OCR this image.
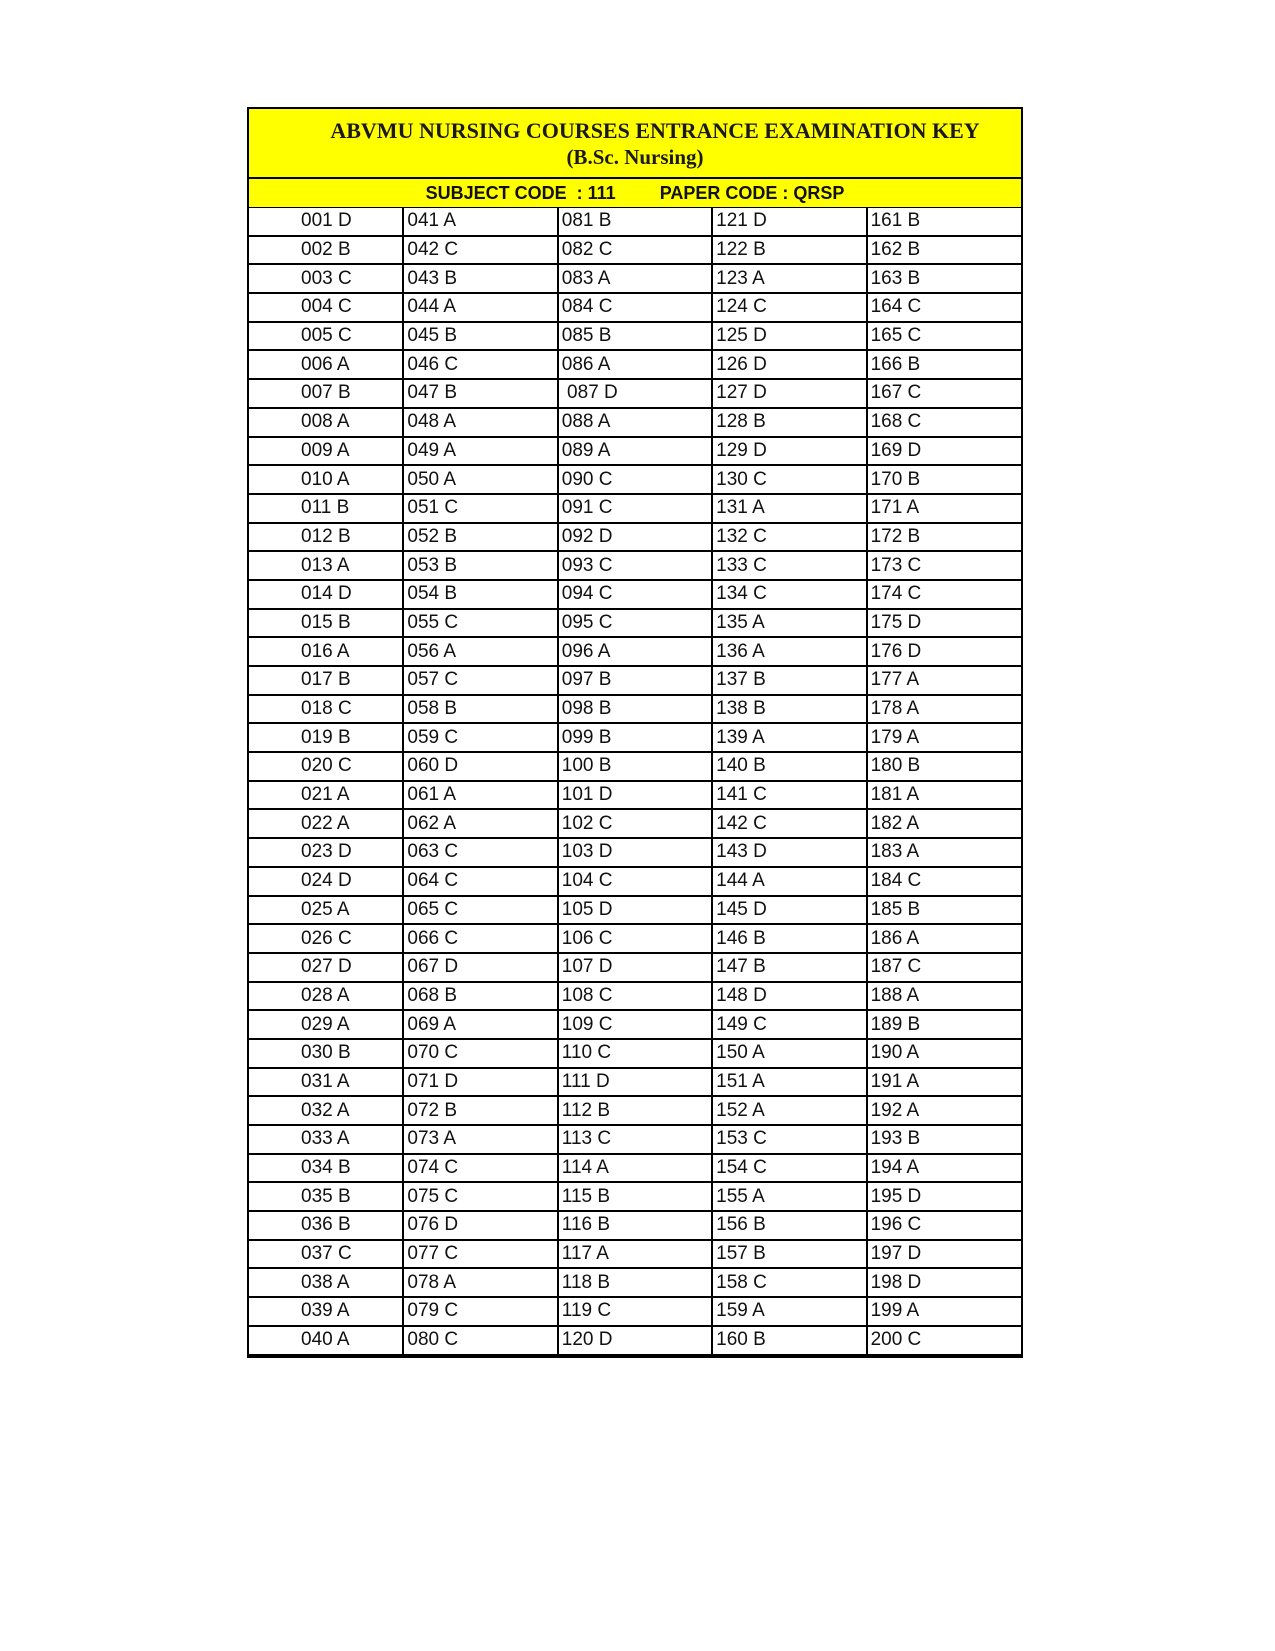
ABVMU NURSING COURSES ENTRANCE EXAMINATION KEY
(B.Sc. Nursing)
SUBJECT CODE  : 111 PAPER CODE : QRSP
001 D	041 A	081 B	121 D	161 B
002 B	042 C	082 C	122 B	162 B
003 C	043 B	083 A	123 A	163 B
004 C	044 A	084 C	124 C	164 C
005 C	045 B	085 B	125 D	165 C
006 A	046 C	086 A	126 D	166 B
007 B	047 B	087 D	127 D	167 C
008 A	048 A	088 A	128 B	168 C
009 A	049 A	089 A	129 D	169 D
010 A	050 A	090 C	130 C	170 B
011 B	051 C	091 C	131 A	171 A
012 B	052 B	092 D	132 C	172 B
013 A	053 B	093 C	133 C	173 C
014 D	054 B	094 C	134 C	174 C
015 B	055 C	095 C	135 A	175 D
016 A	056 A	096 A	136 A	176 D
017 B	057 C	097 B	137 B	177 A
018 C	058 B	098 B	138 B	178 A
019 B	059 C	099 B	139 A	179 A
020 C	060 D	100 B	140 B	180 B
021 A	061 A	101 D	141 C	181 A
022 A	062 A	102 C	142 C	182 A
023 D	063 C	103 D	143 D	183 A
024 D	064 C	104 C	144 A	184 C
025 A	065 C	105 D	145 D	185 B
026 C	066 C	106 C	146 B	186 A
027 D	067 D	107 D	147 B	187 C
028 A	068 B	108 C	148 D	188 A
029 A	069 A	109 C	149 C	189 B
030 B	070 C	110 C	150 A	190 A
031 A	071 D	111 D	151 A	191 A
032 A	072 B	112 B	152 A	192 A
033 A	073 A	113 C	153 C	193 B
034 B	074 C	114 A	154 C	194 A
035 B	075 C	115 B	155 A	195 D
036 B	076 D	116 B	156 B	196 C
037 C	077 C	117 A	157 B	197 D
038 A	078 A	118 B	158 C	198 D
039 A	079 C	119 C	159 A	199 A
040 A	080 C	120 D	160 B	200 C
